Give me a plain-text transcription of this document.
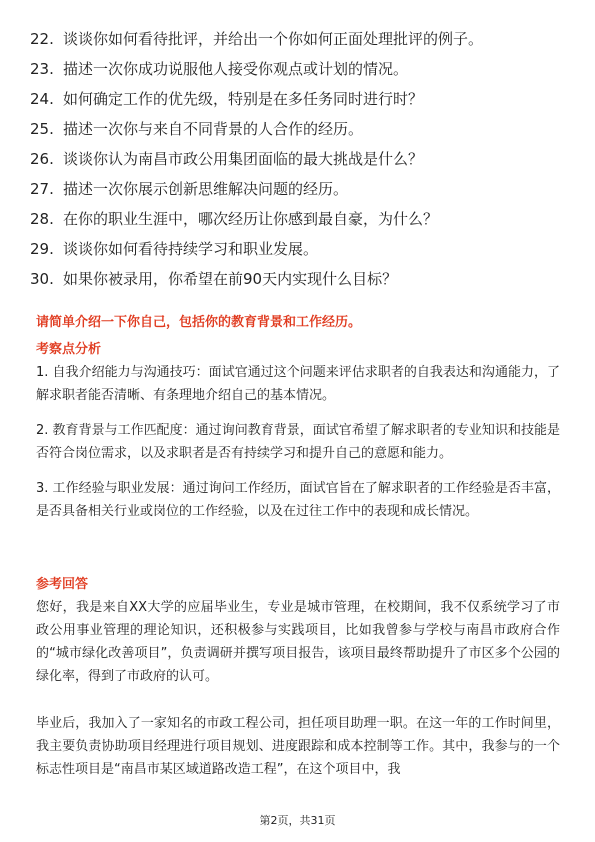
22. 谈谈你如何看待批评，并给出一个你如何正面处理批评的例子。
23. 描述一次你成功说服他人接受你观点或计划的情况。
24. 如何确定工作的优先级，特别是在多任务同时进行时？
25. 描述一次你与来自不同背景的人合作的经历。
26. 谈谈你认为南昌市政公用集团面临的最大挑战是什么？
27. 描述一次你展示创新思维解决问题的经历。
28. 在你的职业生涯中，哪次经历让你感到最自豪，为什么？
29. 谈谈你如何看待持续学习和职业发展。
30. 如果你被录用，你希望在前90天内实现什么目标？
请简单介绍一下你自己，包括你的教育背景和工作经历。
考察点分析
1. 自我介绍能力与沟通技巧：面试官通过这个问题来评估求职者的自我表达和沟通能力，了解求职者能否清晰、有条理地介绍自己的基本情况。
2. 教育背景与工作匹配度：通过询问教育背景，面试官希望了解求职者的专业知识和技能是否符合岗位需求，以及求职者是否有持续学习和提升自己的意愿和能力。
3. 工作经验与职业发展：通过询问工作经历，面试官旨在了解求职者的工作经验是否丰富，是否具备相关行业或岗位的工作经验，以及在过往工作中的表现和成长情况。
参考回答
您好，我是来自XX大学的应届毕业生，专业是城市管理，在校期间，我不仅系统学习了市政公用事业管理的理论知识，还积极参与实践项目，比如我曾参与学校与南昌市政府合作的“城市绿化改善项目”，负责调研并撰写项目报告，该项目最终帮助提升了市区多个公园的绿化率，得到了市政府的认可。
毕业后，我加入了一家知名的市政工程公司，担任项目助理一职。在这一年的工作时间里，我主要负责协助项目经理进行项目规划、进度跟踪和成本控制等工作。其中，我参与的一个标志性项目是“南昌市某区域道路改造工程”，在这个项目中，我
第2页，共31页
